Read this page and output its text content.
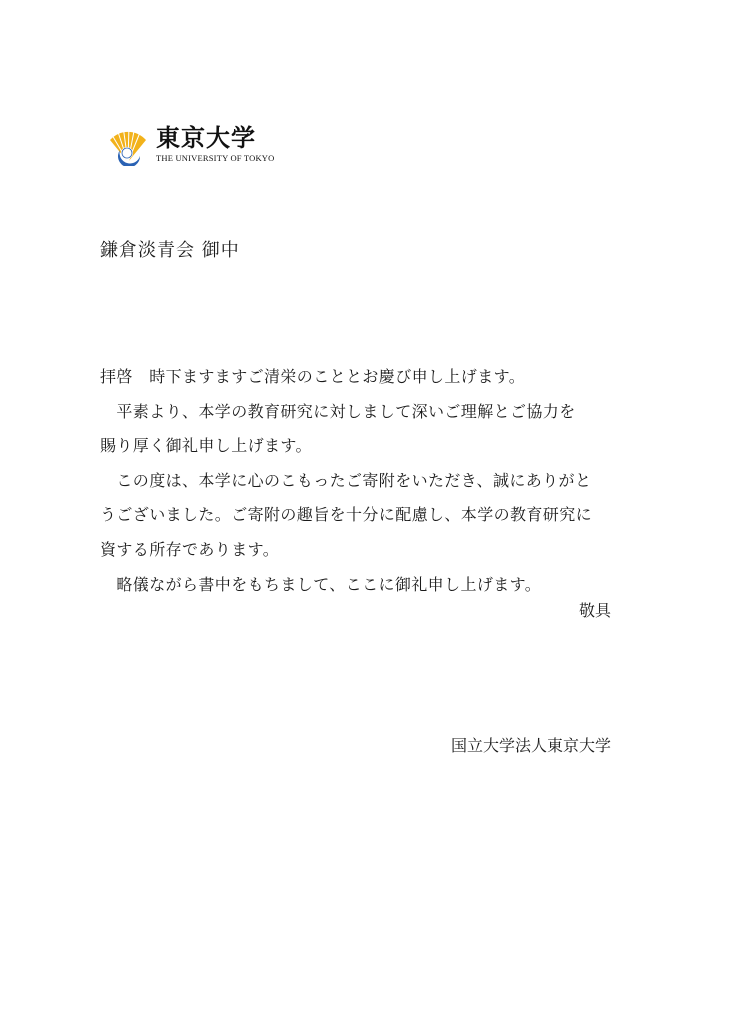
東京大学
THE UNIVERSITY OF TOKYO
鎌倉淡青会 御中
拝啓　時下ますますご清栄のこととお慶び申し上げます。
　平素より、本学の教育研究に対しまして深いご理解とご協力を
賜り厚く御礼申し上げます。
　この度は、本学に心のこもったご寄附をいただき、誠にありがと
うございました。ご寄附の趣旨を十分に配慮し、本学の教育研究に
資する所存であります。
　略儀ながら書中をもちまして、ここに御礼申し上げます。
敬具
国立大学法人東京大学
